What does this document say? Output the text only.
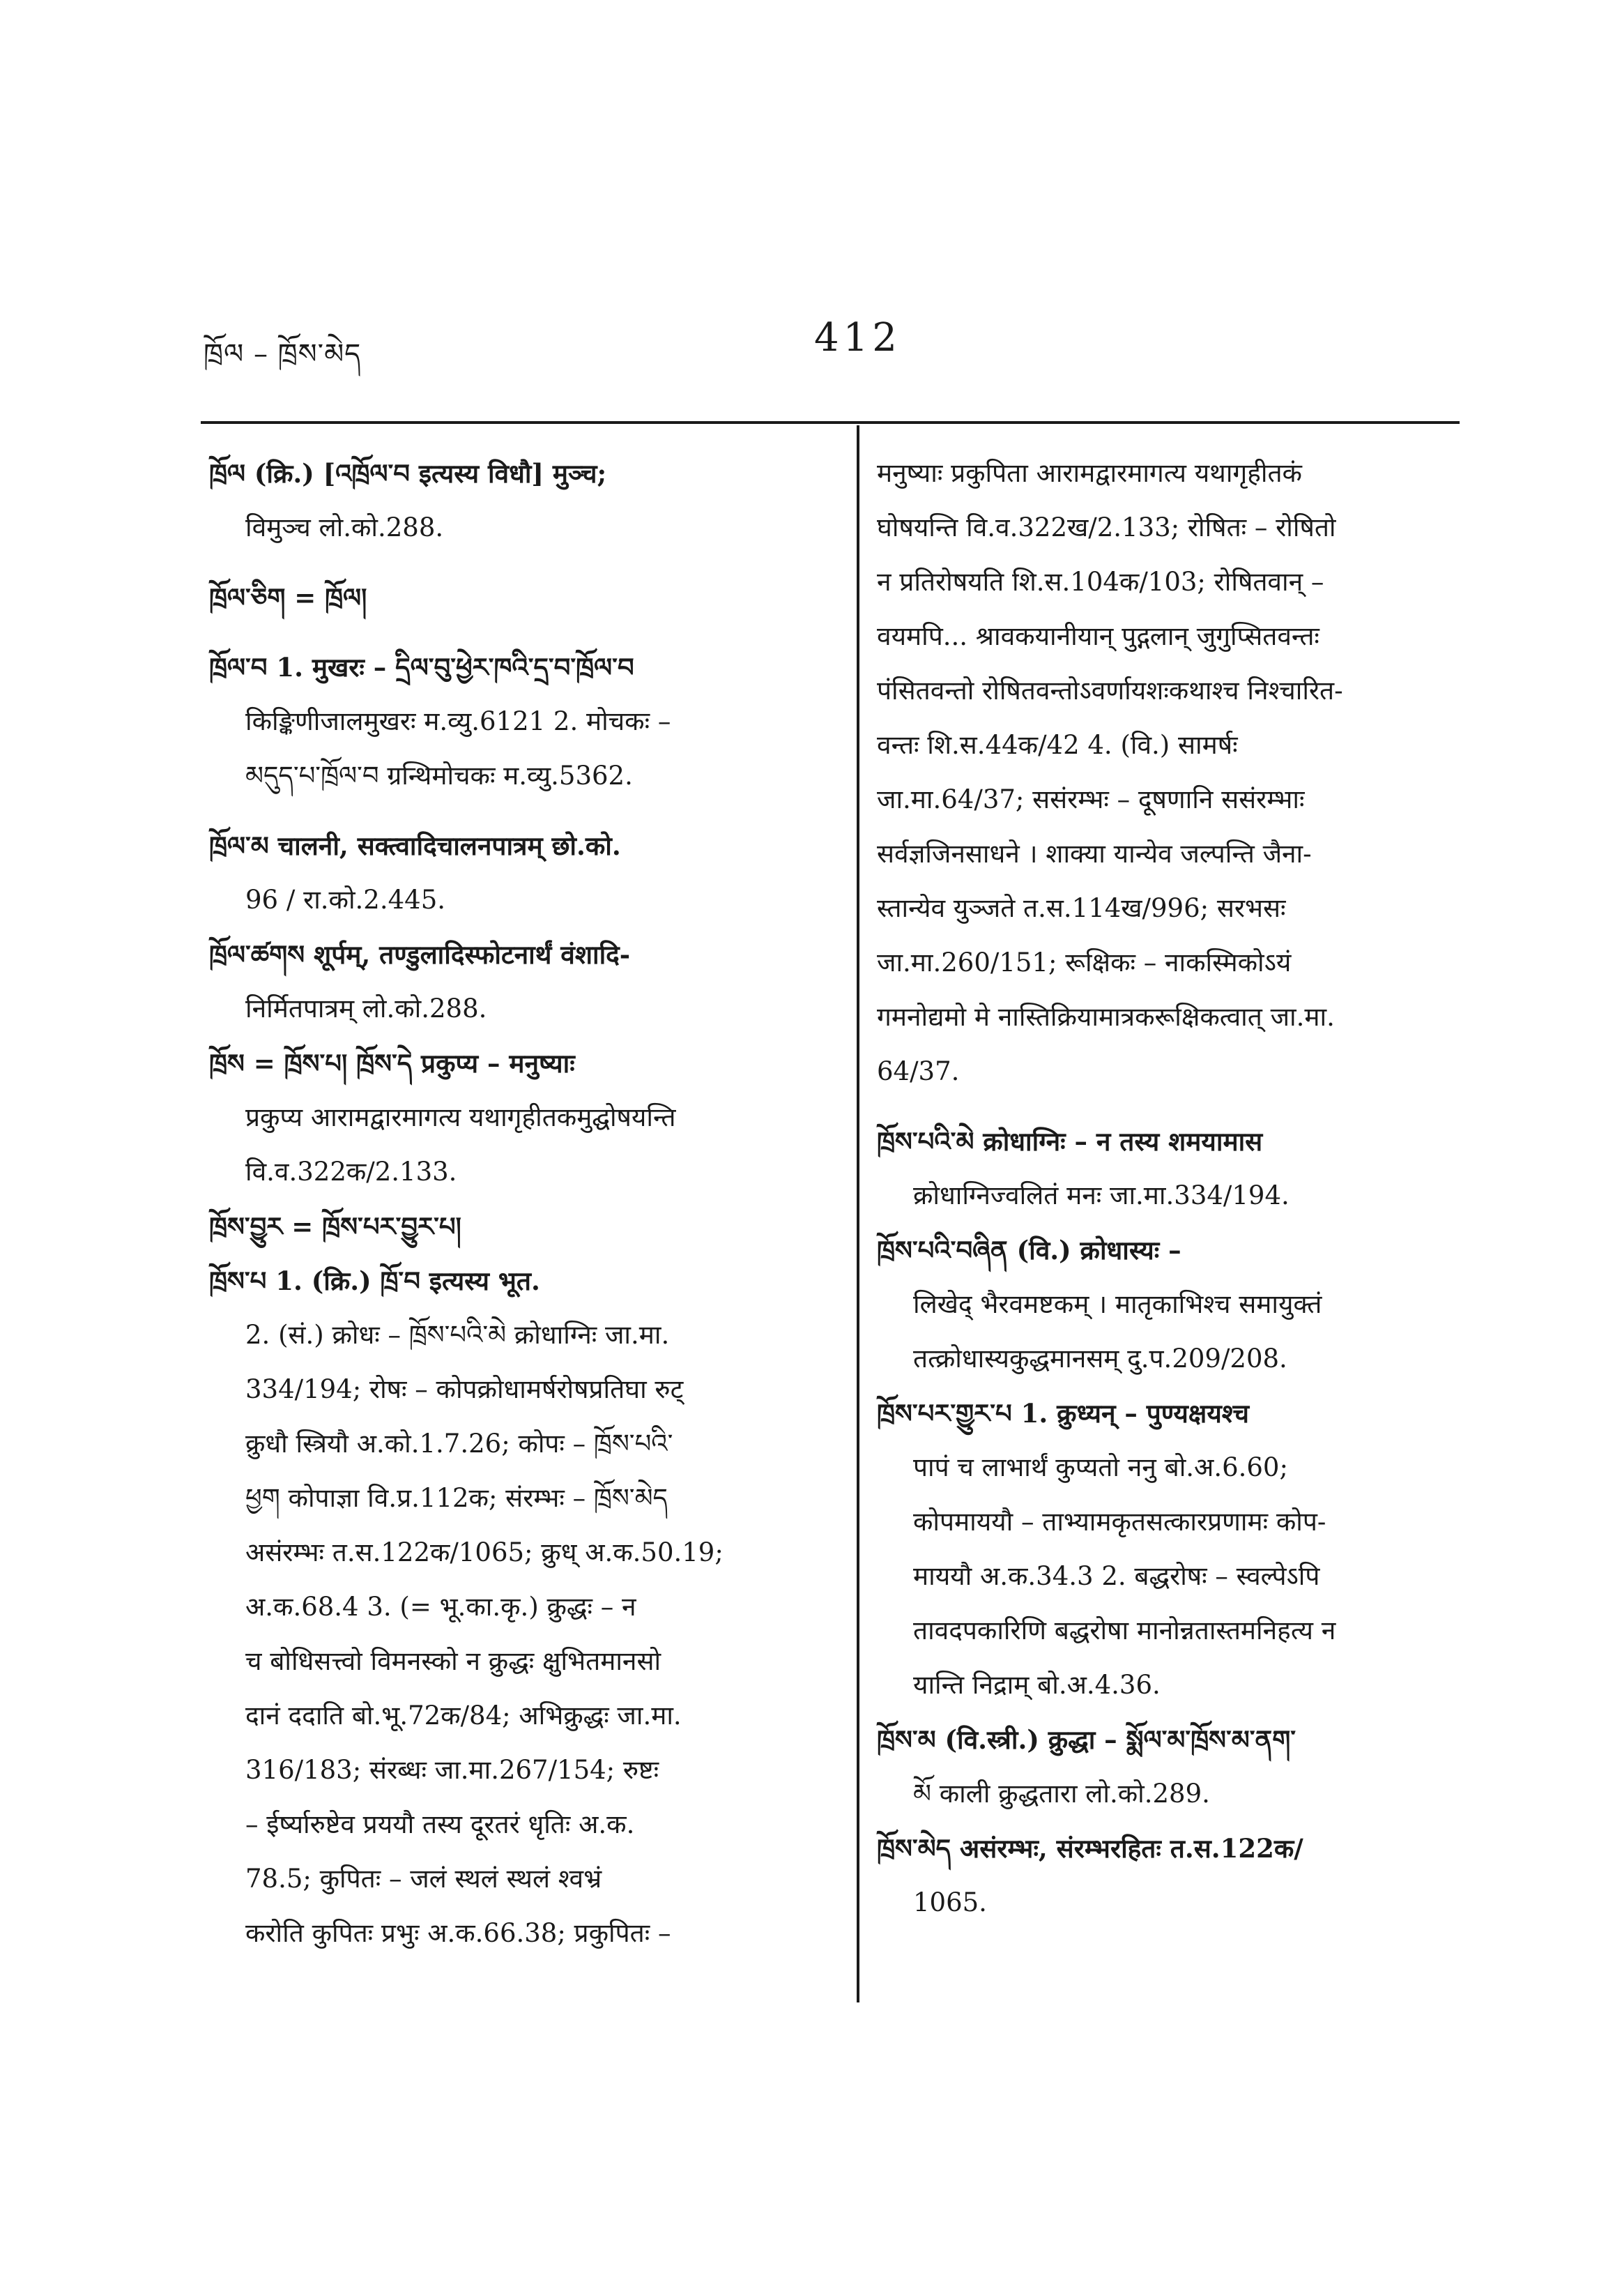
ཁྲོལ – ཁྲོས་མེད	412
ཁྲོལ (क्रि.) [འཁྲོལ་བ इत्यस्य विधौ] मुञ्च;
विमुञ्च लो.को.288.
ཁྲོལ་ཅིག = ཁྲོལ།
ཁྲོལ་བ 1. मुखरः – དྲིལ་བུ་ཕྱེར་ཁའི་དྲ་བ་ཁྲོལ་བ
किङ्किणीजालमुखरः म.व्यु.6121 2. मोचकः –
མདུད་པ་ཁྲོལ་བ ग्रन्थिमोचकः म.व्यु.5362.
ཁྲོལ་མ चालनी, सक्त्वादिचालनपात्रम् छो.को.
96 / रा.को.2.445.
ཁྲོལ་ཚགས शूर्पम्, तण्डुलादिस्फोटनार्थं वंशादि-
निर्मितपात्रम् लो.को.288.
ཁྲོས = ཁྲོས་པ། ཁྲོས་དེ प्रकुप्य – मनुष्याः
प्रकुप्य आरामद्वारमागत्य यथागृहीतकमुद्घोषयन्ति
वि.व.322क/2.133.
ཁྲོས་བྱུར = ཁྲོས་པར་བྱུར་པ།
ཁྲོས་པ 1. (क्रि.) ཁྲོ་བ इत्यस्य भूत.
2. (सं.) क्रोधः – ཁྲོས་པའི་མེ क्रोधाग्निः जा.मा.
334/194; रोषः – कोपक्रोधामर्षरोषप्रतिघा रुट्
क्रुधौ स्त्रियौ अ.को.1.7.26; कोपः – ཁྲོས་པའི་
ཕྱག कोपाज्ञा वि.प्र.112क; संरम्भः – ཁྲོས་མེད
असंरम्भः त.स.122क/1065; क्रुध् अ.क.50.19;
अ.क.68.4 3. (= भू.का.कृ.) क्रुद्धः – न
च बोधिसत्त्वो विमनस्को न क्रुद्धः क्षुभितमानसो
दानं ददाति बो.भू.72क/84; अभिक्रुद्धः जा.मा.
316/183; संरब्धः जा.मा.267/154; रुष्टः
– ईर्ष्यारुष्टेव प्रययौ तस्य दूरतरं धृतिः अ.क.
78.5; कुपितः – जलं स्थलं स्थलं श्वभ्रं
करोति कुपितः प्रभुः अ.क.66.38; प्रकुपितः –
मनुष्याः प्रकुपिता आरामद्वारमागत्य यथागृहीतकं
घोषयन्ति वि.व.322ख/2.133; रोषितः – रोषितो
न प्रतिरोषयति शि.स.104क/103; रोषितवान् –
वयमपि... श्रावकयानीयान् पुद्गलान् जुगुप्सितवन्तः
पंसितवन्तो रोषितवन्तोऽवर्णायशःकथाश्च निश्चारित-
वन्तः शि.स.44क/42 4. (वि.) सामर्षः
जा.मा.64/37; ससंरम्भः – दूषणानि ससंरम्भाः
सर्वज्ञजिनसाधने । शाक्या यान्येव जल्पन्ति जैना-
स्तान्येव युञ्जते त.स.114ख/996; सरभसः
जा.मा.260/151; रूक्षिकः – नाकस्मिकोऽयं
गमनोद्यमो मे नास्तिक्रियामात्रकरूक्षिकत्वात् जा.मा.
64/37.
ཁྲོས་པའི་མེ क्रोधाग्निः – न तस्य शमयामास
क्रोधाग्निज्वलितं मनः जा.मा.334/194.
ཁྲོས་པའི་བཞིན (वि.) क्रोधास्यः –
लिखेद् भैरवमष्टकम् । मातृकाभिश्च समायुक्तं
तत्क्रोधास्यकुद्धमानसम् दु.प.209/208.
ཁྲོས་པར་གྱུར་པ 1. क्रुध्यन् – पुण्यक्षयश्च
पापं च लाभार्थं कुप्यतो ननु बो.अ.6.60;
कोपमाययौ – ताभ्यामकृतसत्कारप्रणामः कोप-
माययौ अ.क.34.3 2. बद्धरोषः – स्वल्पेऽपि
तावदपकारिणि बद्धरोषा मानोन्नतास्तमनिहत्य न
यान्ति निद्राम् बो.अ.4.36.
ཁྲོས་མ (वि.स्त्री.) क्रुद्धा – སྨོལ་མ་ཁྲོས་མ་ནག་
མོ काली क्रुद्धतारा लो.को.289.
ཁྲོས་མེད असंरम्भः, संरम्भरहितः त.स.122क/
1065.
